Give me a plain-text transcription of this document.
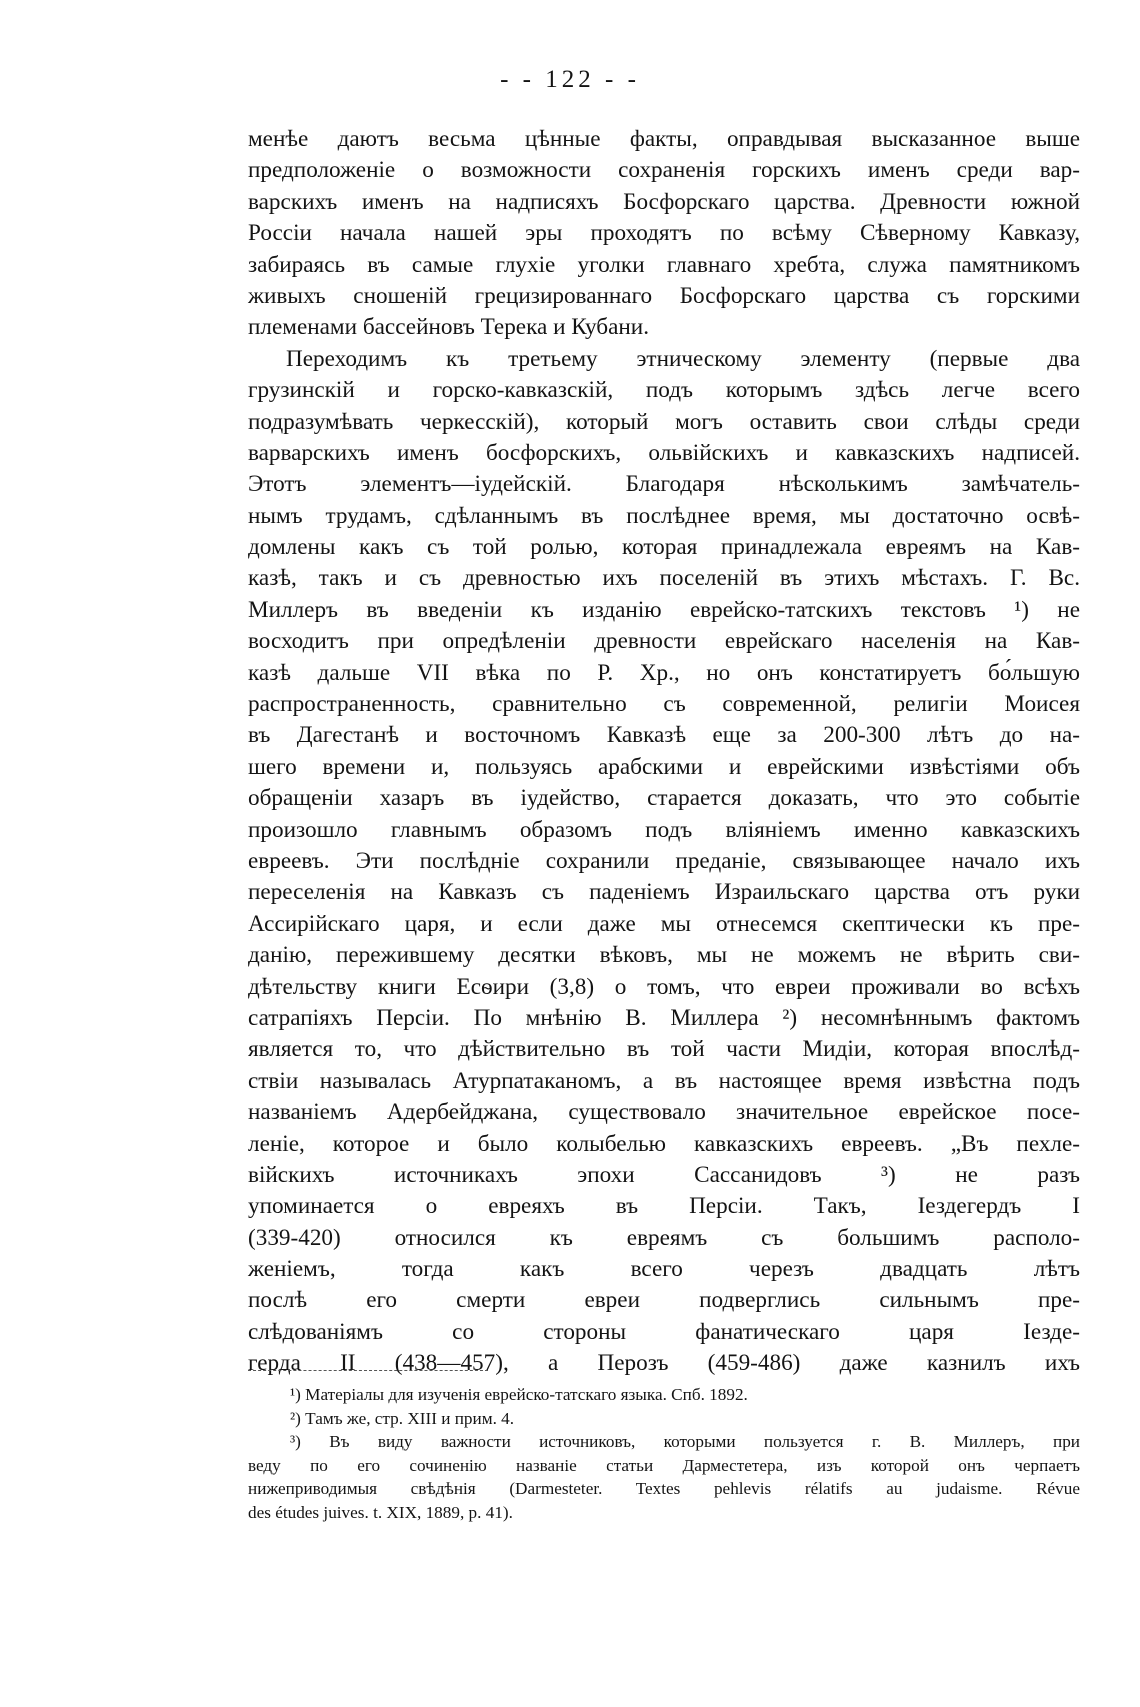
- - 122 - -
менѣе даютъ весьма цѣнные факты, оправдывая высказанное выше
предположеніе о возможности сохраненія горскихъ именъ среди вар-
варскихъ именъ на надписяхъ Босфорскаго царства. Древности южной
Россіи начала нашей эры проходятъ по всѣму Сѣверному Кавказу,
забираясь въ самые глухіе уголки главнаго хребта, служа памятникомъ
живыхъ сношеній грецизированнаго Босфорскаго царства съ горскими
племенами бассейновъ Терека и Кубани.
Переходимъ къ третьему этническому элементу (первые два
грузинскій и горско-кавказскій, подъ которымъ здѣсь легче всего
подразумѣвать черкесскій), который могъ оставить свои слѣды среди
варварскихъ именъ босфорскихъ, ольвійскихъ и кавказскихъ надписей.
Этотъ элементъ—іудейскій. Благодаря нѣсколькимъ замѣчатель-
нымъ трудамъ, сдѣланнымъ въ послѣднее время, мы достаточно освѣ-
домлены какъ съ той ролью, которая принадлежала евреямъ на Кав-
казѣ, такъ и съ древностью ихъ поселеній въ этихъ мѣстахъ. Г. Вс.
Миллеръ въ введеніи къ изданію еврейско-татскихъ текстовъ ¹) не
восходитъ при опредѣленіи древности еврейскаго населенія на Кав-
казѣ дальше VII вѣка по Р. Хр., но онъ констатируетъ бо́льшую
распространенность, сравнительно съ современной, религіи Моисея
въ Дагестанѣ и восточномъ Кавказѣ еще за 200-300 лѣтъ до на-
шего времени и, пользуясь арабскими и еврейскими извѣстіями объ
обращеніи хазаръ въ іудейство, старается доказать, что это событіе
произошло главнымъ образомъ подъ вліяніемъ именно кавказскихъ
евреевъ. Эти послѣдніе сохранили преданіе, связывающее начало ихъ
переселенія на Кавказъ съ паденіемъ Израильскаго царства отъ руки
Ассирійскаго царя, и если даже мы отнесемся скептически къ пре-
данію, пережившему десятки вѣковъ, мы не можемъ не вѣрить сви-
дѣтельству книги Есѳири (3,8) о томъ, что евреи проживали во всѣхъ
сатрапіяхъ Персіи. По мнѣнію В. Миллера ²) несомнѣннымъ фактомъ
является то, что дѣйствительно въ той части Мидіи, которая впослѣд-
ствіи называлась Атурпатаканомъ, а въ настоящее время извѣстна подъ
названіемъ Адербейджана, существовало значительное еврейское посе-
леніе, которое и было колыбелью кавказскихъ евреевъ. „Въ пехле-
війскихъ источникахъ эпохи Сассанидовъ ³) не разъ
упоминается о евреяхъ въ Персіи. Такъ, Іездегердъ I
(339-420) относился къ евреямъ съ большимъ располо-
женіемъ, тогда какъ всего черезъ двадцать лѣтъ
послѣ его смерти евреи подверглись сильнымъ пре-
слѣдованіямъ со стороны фанатическаго царя Іезде-
герда II (438—457), а Перозъ (459-486) даже казнилъ ихъ
¹) Матеріалы для изученія еврейско-татскаго языка. Спб. 1892.
²) Тамъ же, стр. XIII и прим. 4.
³) Въ виду важности источниковъ, которыми пользуется г. В. Миллеръ, при
веду по его сочиненію названіе статьи Дарместетера, изъ которой онъ черпаетъ
нижеприводимыя свѣдѣнія (Darmesteter. Textes pehlevis rélatifs au judaisme. Révue
des études juives. t. XIX, 1889, p. 41).
